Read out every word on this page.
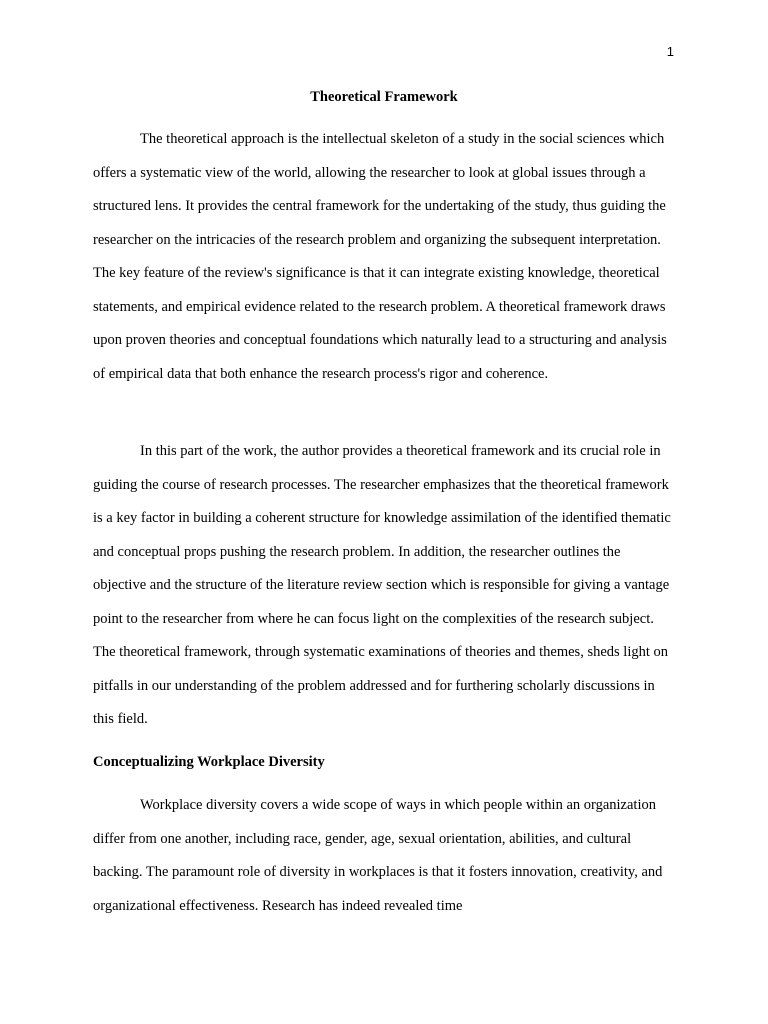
1
Theoretical Framework

The theoretical approach is the intellectual skeleton of a study in the social sciences which offers a systematic view of the world, allowing the researcher to look at global issues through a structured lens. It provides the central framework for the undertaking of the study, thus guiding the researcher on the intricacies of the research problem and organizing the subsequent interpretation. The key feature of the review's significance is that it can integrate existing knowledge, theoretical statements, and empirical evidence related to the research problem. A theoretical framework draws upon proven theories and conceptual foundations which naturally lead to a structuring and analysis of empirical data that both enhance the research process's rigor and coherence.

In this part of the work, the author provides a theoretical framework and its crucial role in guiding the course of research processes. The researcher emphasizes that the theoretical framework is a key factor in building a coherent structure for knowledge assimilation of the identified thematic and conceptual props pushing the research problem. In addition, the researcher outlines the objective and the structure of the literature review section which is responsible for giving a vantage point to the researcher from where he can focus light on the complexities of the research subject. The theoretical framework, through systematic examinations of theories and themes, sheds light on pitfalls in our understanding of the problem addressed and for furthering scholarly discussions in this field.

Conceptualizing Workplace Diversity

Workplace diversity covers a wide scope of ways in which people within an organization differ from one another, including race, gender, age, sexual orientation, abilities, and cultural backing. The paramount role of diversity in workplaces is that it fosters innovation, creativity, and organizational effectiveness. Research has indeed revealed time
